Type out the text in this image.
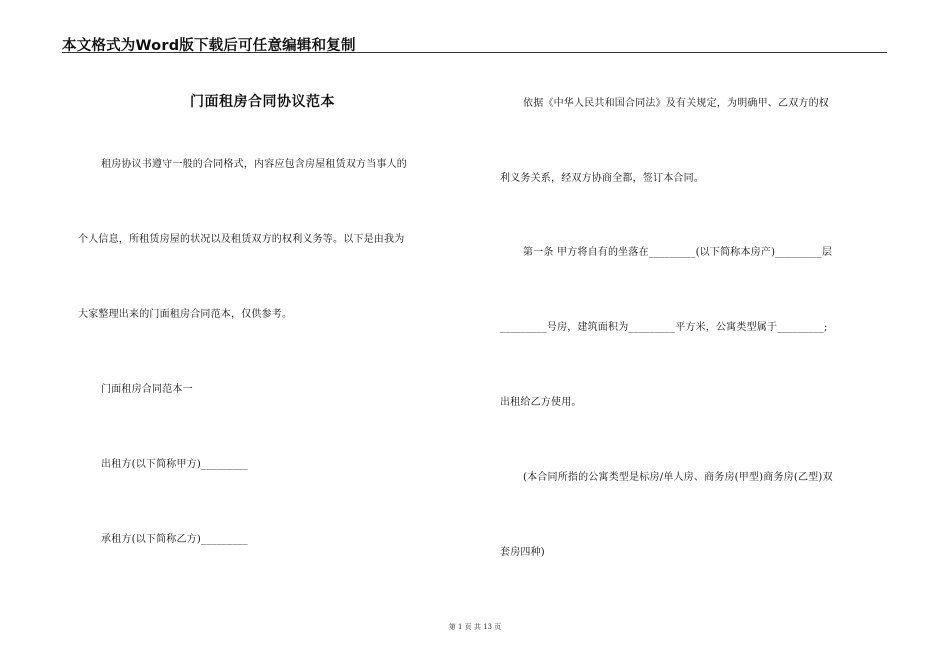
本文格式为Word版下载后可任意编辑和复制
门面租房合同协议范本
租房协议书遵守一般的合同格式，内容应包含房屋租赁双方当事人的
个人信息，所租赁房屋的状况以及租赁双方的权利义务等。以下是由我为
大家整理出来的门面租房合同范本，仅供参考。
门面租房合同范本一
出租方(以下简称甲方)_________
承租方(以下简称乙方)_________
依据《中华人民共和国合同法》及有关规定，为明确甲、乙双方的权
利义务关系，经双方协商全都，签订本合同。
第一条 甲方将自有的坐落在_________(以下简称本房产)_________层
_________号房，建筑面积为_________平方米，公寓类型属于_________;
出租给乙方使用。
(本合同所指的公寓类型是标房/单人房、商务房(甲型)商务房(乙型)双
套房四种)
第 1 页 共 13 页
